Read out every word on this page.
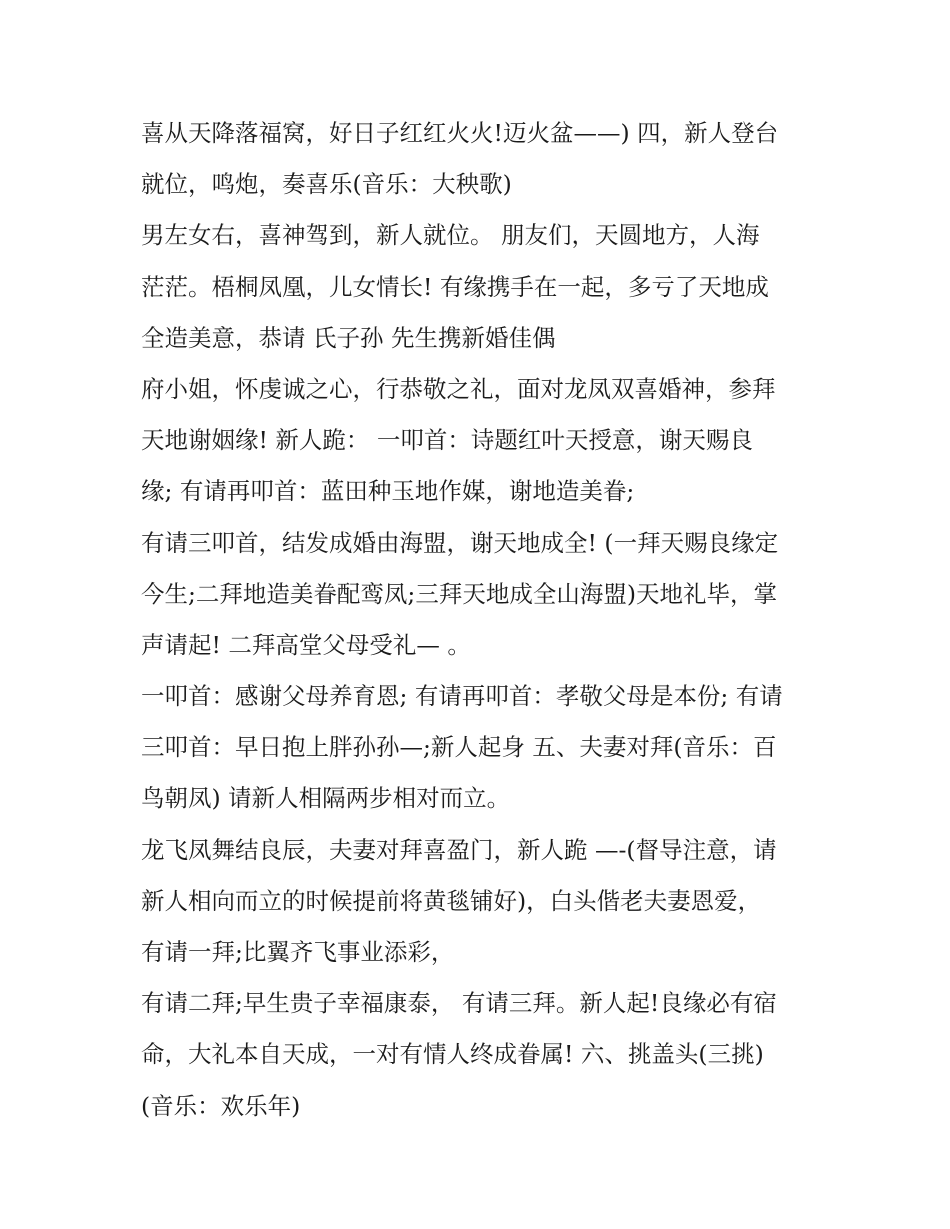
喜从天降落福窝，好日子红红火火!迈火盆——) 四，新人登台
就位，鸣炮，奏喜乐(音乐：大秧歌)
男左女右，喜神驾到，新人就位。 朋友们，天圆地方，人海
茫茫。梧桐凤凰，儿女情长! 有缘携手在一起，多亏了天地成
全造美意，恭请 氏子孙 先生携新婚佳偶
府小姐，怀虔诚之心，行恭敬之礼，面对龙凤双喜婚神，参拜
天地谢姻缘! 新人跪： 一叩首：诗题红叶天授意，谢天赐良
缘; 有请再叩首：蓝田种玉地作媒，谢地造美眷;
有请三叩首，结发成婚由海盟，谢天地成全! (一拜天赐良缘定
今生;二拜地造美眷配鸾凤;三拜天地成全山海盟)天地礼毕，掌
声请起! 二拜高堂父母受礼— 。
一叩首：感谢父母养育恩; 有请再叩首：孝敬父母是本份; 有请
三叩首：早日抱上胖孙孙—;新人起身 五、夫妻对拜(音乐：百
鸟朝凤) 请新人相隔两步相对而立。
龙飞凤舞结良辰，夫妻对拜喜盈门，新人跪 —-(督导注意，请
新人相向而立的时候提前将黄毯铺好)，白头偕老夫妻恩爱，
有请一拜;比翼齐飞事业添彩，
有请二拜;早生贵子幸福康泰， 有请三拜。新人起!良缘必有宿
命，大礼本自天成，一对有情人终成眷属! 六、挑盖头(三挑)
(音乐：欢乐年)
